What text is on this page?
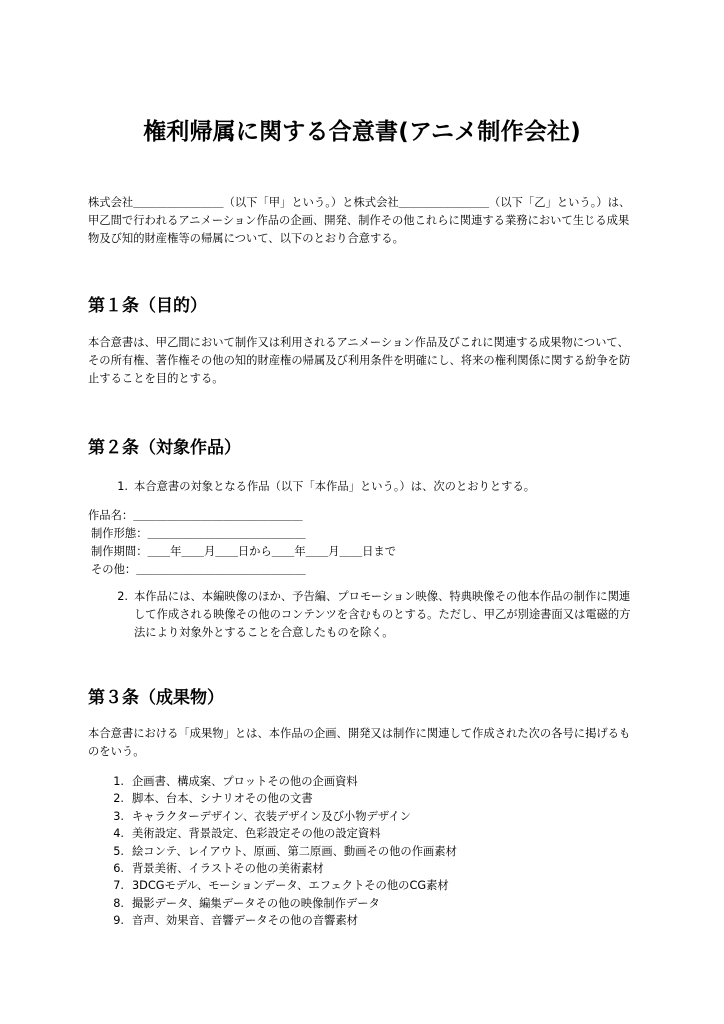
権利帰属に関する合意書(アニメ制作会社)

株式会社＿＿＿＿＿＿＿＿（以下「甲」という。）と株式会社＿＿＿＿＿＿＿＿（以下「乙」という。）は、甲乙間で行われるアニメーション作品の企画、開発、制作その他これらに関連する業務において生じる成果物及び知的財産権等の帰属について、以下のとおり合意する。

第１条（目的）

本合意書は、甲乙間において制作又は利用されるアニメーション作品及びこれに関連する成果物について、その所有権、著作権その他の知的財産権の帰属及び利用条件を明確にし、将来の権利関係に関する紛争を防止することを目的とする。

第２条（対象作品）
1. 本合意書の対象となる作品（以下「本作品」という。）は、次のとおりとする。

作品名：＿＿＿＿＿＿＿＿＿＿＿＿＿＿＿

制作形態：＿＿＿＿＿＿＿＿＿＿＿＿＿＿

制作期間：＿＿年＿＿月＿＿日から＿＿年＿＿月＿＿日まで

その他：＿＿＿＿＿＿＿＿＿＿＿＿＿＿＿

2. 本作品には、本編映像のほか、予告編、プロモーション映像、特典映像その他本作品の制作に関連して作成される映像その他のコンテンツを含むものとする。ただし、甲乙が別途書面又は電磁的方法により対象外とすることを合意したものを除く。
第３条（成果物）

本合意書における「成果物」とは、本作品の企画、開発又は制作に関連して作成された次の各号に掲げるものをいう。

1. 企画書、構成案、プロットその他の企画資料
2. 脚本、台本、シナリオその他の文書
3. キャラクターデザイン、衣装デザイン及び小物デザイン
4. 美術設定、背景設定、色彩設定その他の設定資料
5. 絵コンテ、レイアウト、原画、第二原画、動画その他の作画素材
6. 背景美術、イラストその他の美術素材
7. 3DCGモデル、モーションデータ、エフェクトその他のCG素材
8. 撮影データ、編集データその他の映像制作データ
9. 音声、効果音、音響データその他の音響素材
